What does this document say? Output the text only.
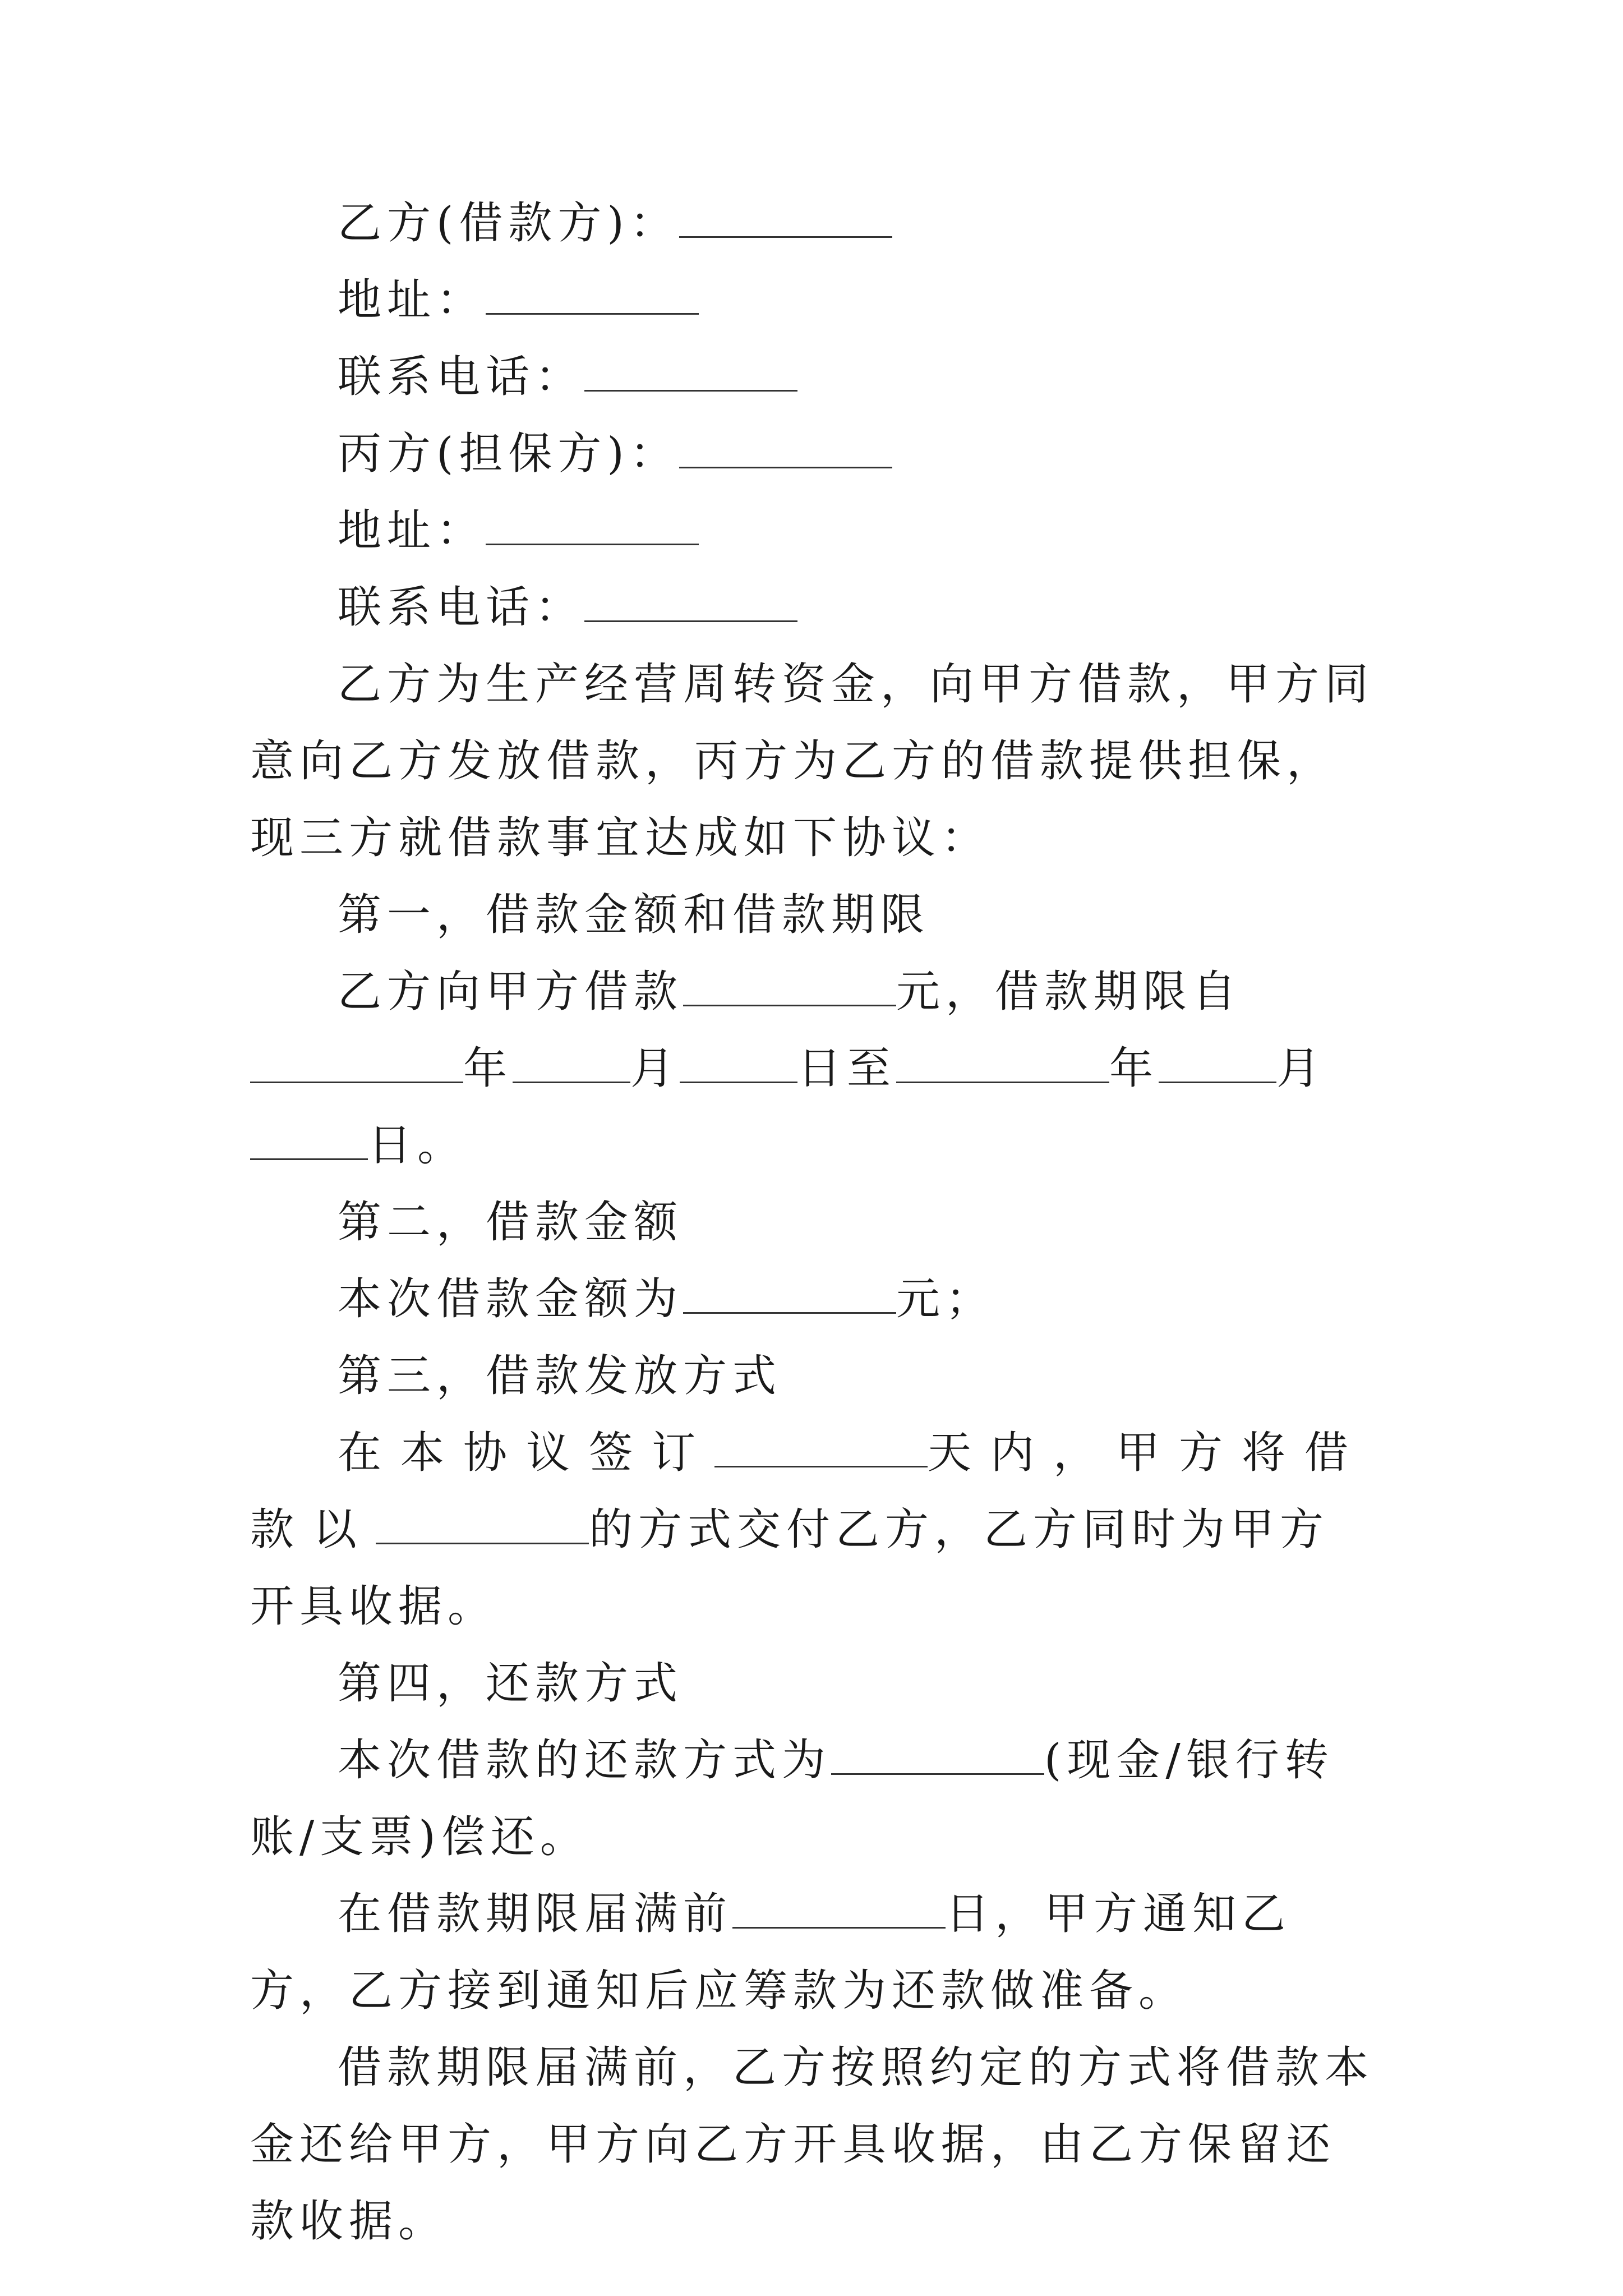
乙方(借款方)：

地址：

联系电话：

丙方(担保方)：

地址：

联系电话：

乙方为生产经营周转资金，向甲方借款，甲方同意向乙方发放借款，丙方为乙方的借款提供担保，现三方就借款事宜达成如下协议：

第一，借款金额和借款期限

乙方向甲方借款	元，借款期限自年	月	日至	年	月日。

第二，借款金额

本次借款金额为	元；

第三，借款发放方式

在本协议签订	天内，甲方将借款以	的方式交付乙方，乙方同时为甲方开具收据。

第四，还款方式

本次借款的还款方式为	(现金/银行转账/支票)偿还。

在借款期限届满前	日，甲方通知乙方，乙方接到通知后应筹款为还款做准备。

借款期限届满前，乙方按照约定的方式将借款本金还给甲方，甲方向乙方开具收据，由乙方保留还款收据。
